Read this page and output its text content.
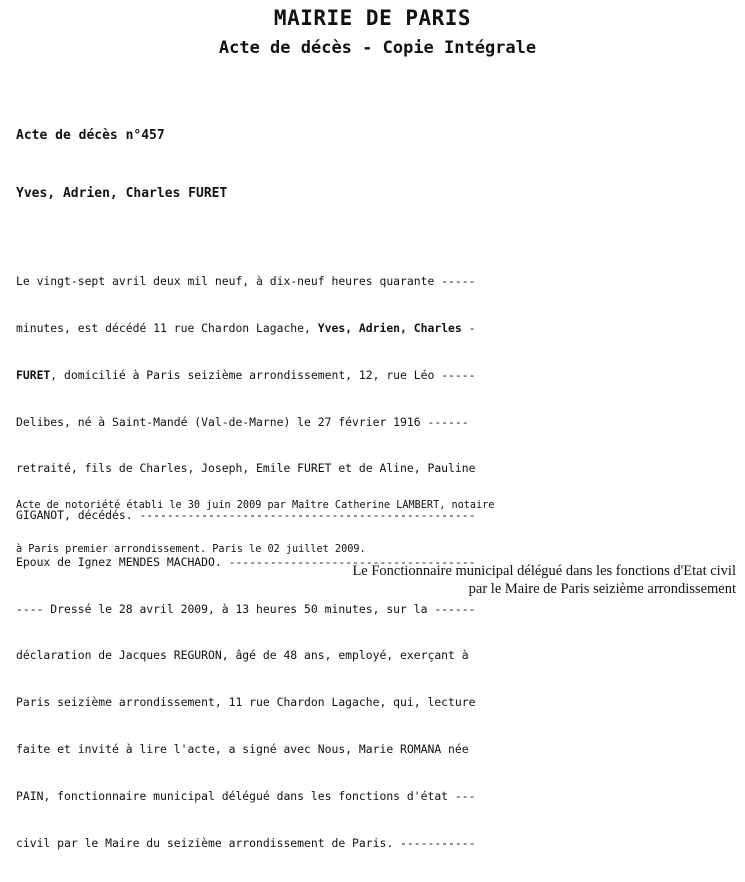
MAIRIE DE PARIS
Acte de décès - Copie Intégrale
Acte de décès n°457
Yves, Adrien, Charles FURET

Le vingt-sept avril deux mil neuf, à dix-neuf heures quarante -----

minutes, est décédé 11 rue Chardon Lagache, Yves, Adrien, Charles -

FURET, domicilié à Paris seizième arrondissement, 12, rue Léo -----

Delibes, né à Saint-Mandé (Val-de-Marne) le 27 février 1916 ------

retraité, fils de Charles, Joseph, Emile FURET et de Aline, Pauline

GIGANOT, décédés. -------------------------------------------------

Epoux de Ignez MENDES MACHADO. ------------------------------------

---- Dressé le 28 avril 2009, à 13 heures 50 minutes, sur la ------

déclaration de Jacques REGURON, âgé de 48 ans, employé, exerçant à

Paris seizième arrondissement, 11 rue Chardon Lagache, qui, lecture

faite et invité à lire l'acte, a signé avec Nous, Marie ROMANA née

PAIN, fonctionnaire municipal délégué dans les fonctions d'état ---

civil par le Maire du seizième arrondissement de Paris. -----------

Acte de notoriété établi le 30 juin 2009 par Maître Catherine LAMBERT, notaire

à Paris premier arrondissement. Paris le 02 juillet 2009.

Le Fonctionnaire municipal délégué dans les fonctions d'Etat civil
par le Maire de Paris seizième arrondissement
